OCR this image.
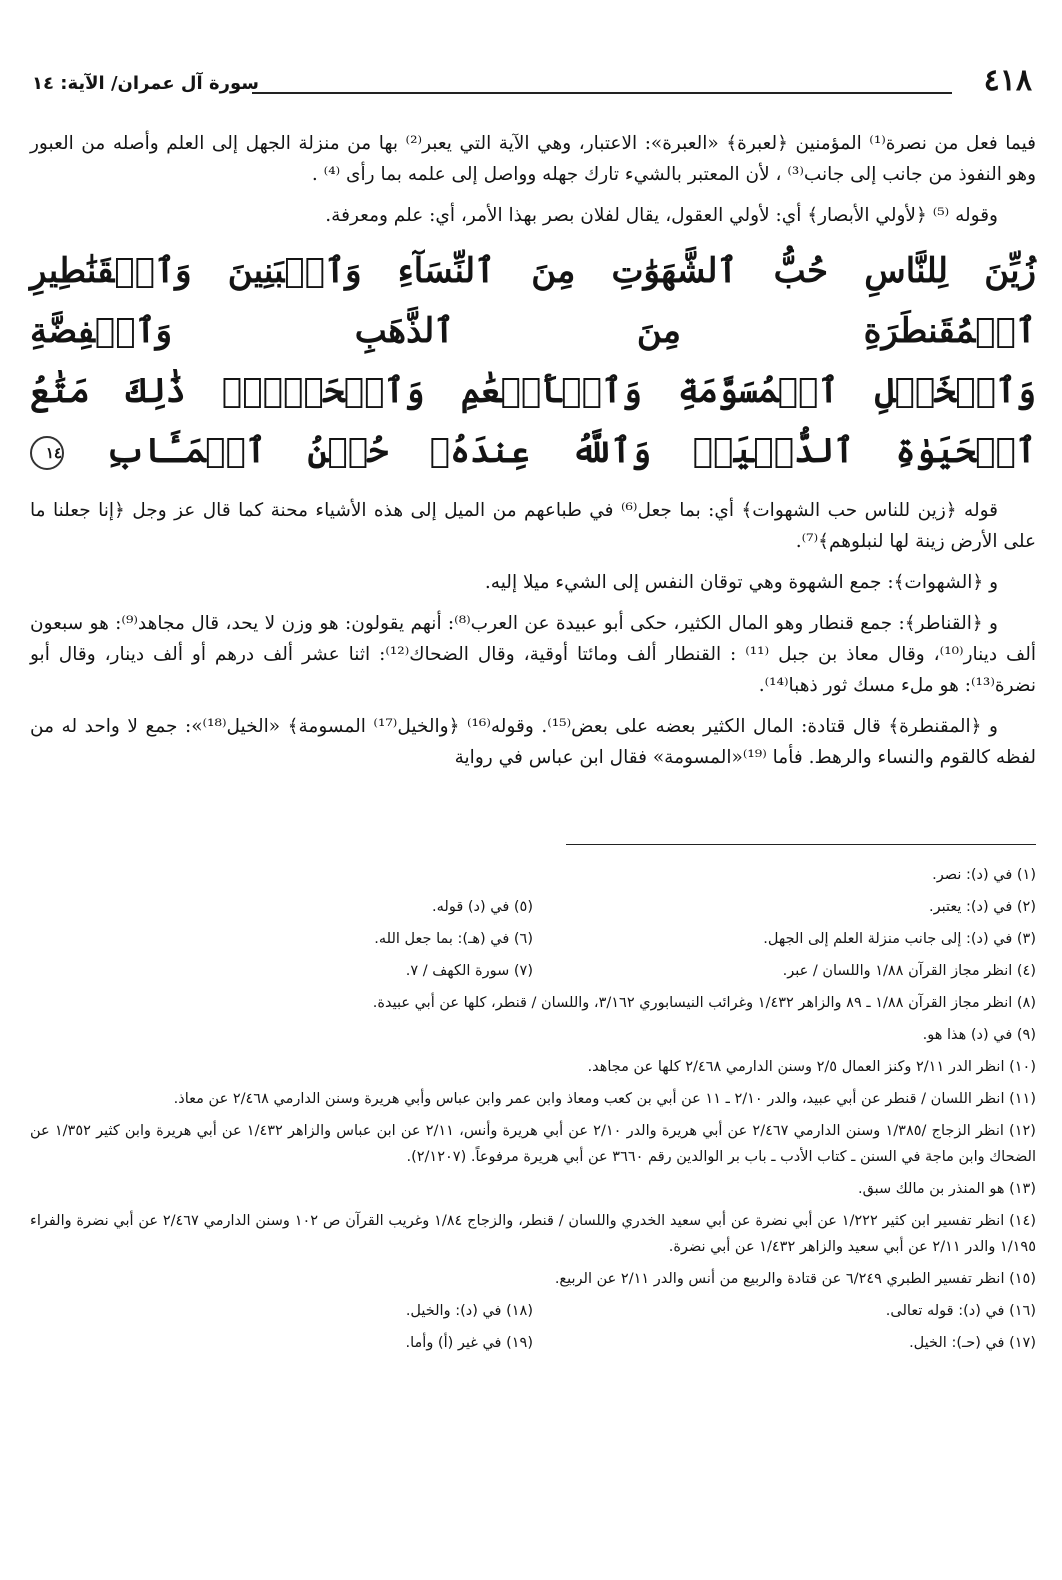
٤١٨
سورة آل عمران/ الآية: ١٤

فيما فعل من نصرة⁽¹⁾ المؤمنين ﴿لعبرة﴾ «العبرة»: الاعتبار، وهي الآية التي يعبر⁽²⁾ بها من منزلة الجهل إلى العلم وأصله من العبور وهو النفوذ من جانب إلى جانب⁽³⁾ ، لأن المعتبر بالشيء تارك جهله وواصل إلى علمه بما رأى ⁽⁴⁾ .

وقوله ⁽⁵⁾ ﴿لأولي الأبصار﴾ أي: لأولي العقول، يقال لفلان بصر بهذا الأمر، أي: علم ومعرفة.

زُيِّنَ لِلنَّاسِ حُبُّ ٱلشَّهَوَٰتِ مِنَ ٱلنِّسَآءِ وَٱلۡبَنِينَ وَٱلۡقَنَٰطِيرِ ٱلۡمُقَنطَرَةِ مِنَ ٱلذَّهَبِ وَٱلۡفِضَّةِ
وَٱلۡخَيۡلِ ٱلۡمُسَوَّمَةِ وَٱلۡأَنۡعَٰمِ وَٱلۡحَرۡثِۗ ذَٰلِكَ مَتَٰعُ ٱلۡحَيَوٰةِ ٱلدُّنۡيَاۖ وَٱللَّهُ عِندَهُۥ حُسۡنُ ٱلۡمَـَٔابِ ١٤

قوله ﴿زين للناس حب الشهوات﴾ أي: بما جعل⁽⁶⁾ في طباعهم من الميل إلى هذه الأشياء محنة كما قال عز وجل ﴿إنا جعلنا ما على الأرض زينة لها لنبلوهم﴾⁽⁷⁾.

و ﴿الشهوات﴾: جمع الشهوة وهي توقان النفس إلى الشيء ميلا إليه.

و ﴿القناطر﴾: جمع قنطار وهو المال الكثير، حكى أبو عبيدة عن العرب⁽⁸⁾: أنهم يقولون: هو وزن لا يحد، قال مجاهد⁽⁹⁾: هو سبعون ألف دينار⁽¹⁰⁾، وقال معاذ بن جبل ⁽¹¹⁾ : القنطار ألف ومائتا أوقية، وقال الضحاك⁽¹²⁾: اثنا عشر ألف درهم أو ألف دينار، وقال أبو نضرة⁽¹³⁾: هو ملء مسك ثور ذهبا⁽¹⁴⁾.

و ﴿المقنطرة﴾ قال قتادة: المال الكثير بعضه على بعض⁽¹⁵⁾. وقوله⁽¹⁶⁾ ﴿والخيل⁽¹⁷⁾ المسومة﴾ «الخيل⁽¹⁸⁾»: جمع لا واحد له من لفظه كالقوم والنساء والرهط. فأما ⁽¹⁹⁾«المسومة» فقال ابن عباس في رواية

(١) في (د): نصر.
(٢) في (د): يعتبر.
(٥) في (د) قوله.
(٣) في (د): إلى جانب منزلة العلم إلى الجهل.
(٦) في (هـ): بما جعل الله.
(٤) انظر مجاز القرآن ١/٨٨ واللسان / عبر.
(٧) سورة الكهف / ٧.
(٨) انظر مجاز القرآن ١/٨٨ ـ ٨٩ والزاهر ١/٤٣٢ وغرائب النيسابوري ٣/١٦٢، واللسان / قنطر، كلها عن أبي عبيدة.
(٩) في (د) هذا هو.
(١٠) انظر الدر ٢/١١ وكنز العمال ٢/٥ وسنن الدارمي ٢/٤٦٨ كلها عن مجاهد.
(١١) انظر اللسان / قنطر عن أبي عبيد، والدر ٢/١٠ ـ ١١ عن أبي بن كعب ومعاذ وابن عمر وابن عباس وأبي هريرة وسنن الدارمي ٢/٤٦٨ عن معاذ.
(١٢) انظر الزجاج /١/٣٨٥ وسنن الدارمي ٢/٤٦٧ عن أبي هريرة والدر ٢/١٠ عن أبي هريرة وأنس، ٢/١١ عن ابن عباس والزاهر ١/٤٣٢ عن أبي هريرة وابن كثير ١/٣٥٢ عن الضحاك وابن ماجة في السنن ـ كتاب الأدب ـ باب بر الوالدين رقم ٣٦٦٠ عن أبي هريرة مرفوعاً. (٢/١٢٠٧).
(١٣) هو المنذر بن مالك سبق.
(١٤) انظر تفسير ابن كثير ١/٢٢٢ عن أبي نضرة عن أبي سعيد الخدري واللسان / قنطر، والزجاج ١/٨٤ وغريب القرآن ص ١٠٢ وسنن الدارمي ٢/٤٦٧ عن أبي نضرة والفراء ١/١٩٥ والدر ٢/١١ عن أبي سعيد والزاهر ١/٤٣٢ عن أبي نضرة.
(١٥) انظر تفسير الطبري ٦/٢٤٩ عن قتادة والربيع من أنس والدر ٢/١١ عن الربيع.
(١٦) في (د): قوله تعالى.
(١٨) في (د): والخيل.
(١٧) في (حـ): الخيل.
(١٩) في غير (أ) وأما.
